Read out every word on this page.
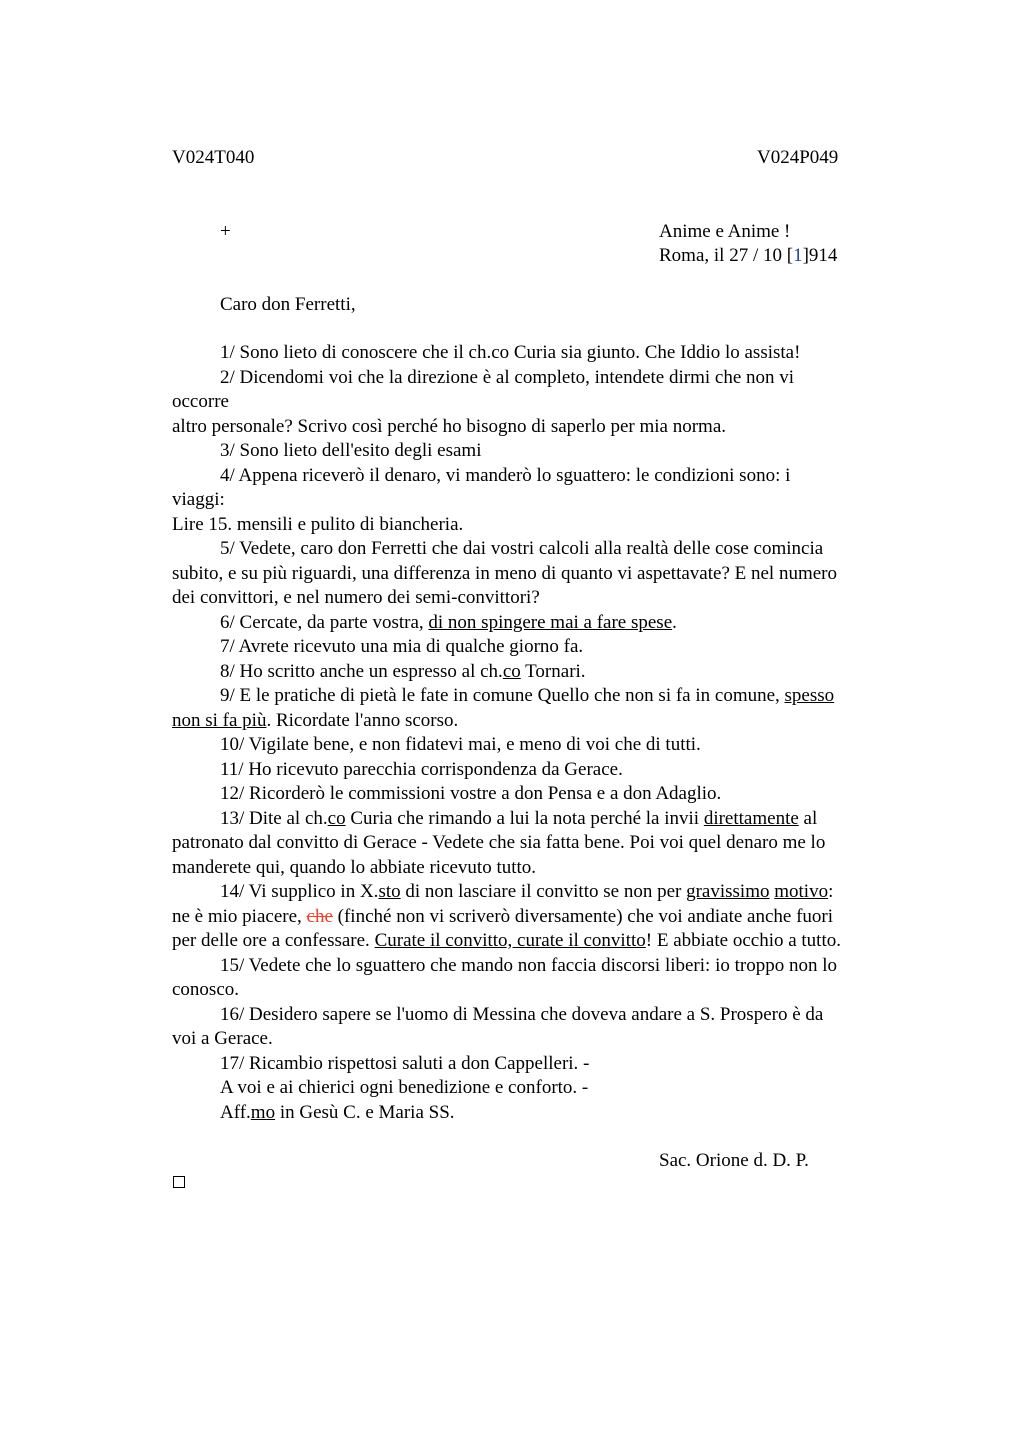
V024T040	V024P049
+	Anime e Anime !
Roma, il 27 / 10 [1]914
Caro don Ferretti,
1/ Sono lieto di conoscere che il ch.co Curia sia giunto. Che Iddio lo assista!
2/ Dicendomi voi che la direzione è al completo, intendete dirmi che non vi
occorre
altro personale? Scrivo così perché ho bisogno di saperlo per mia norma.
3/ Sono lieto dell'esito degli esami
4/ Appena riceverò il denaro, vi manderò lo sguattero: le condizioni sono: i
viaggi:
Lire 15. mensili e pulito di biancheria.
5/ Vedete, caro don Ferretti che dai vostri calcoli alla realtà delle cose comincia
subito, e su più riguardi, una differenza in meno di quanto vi aspettavate? E nel numero
dei convittori, e nel numero dei semi-convittori?
6/ Cercate, da parte vostra, di non spingere mai a fare spese.
7/ Avrete ricevuto una mia di qualche giorno fa.
8/ Ho scritto anche un espresso al ch.co Tornari.
9/ E le pratiche di pietà le fate in comune Quello che non si fa in comune, spesso
non si fa più. Ricordate l'anno scorso.
10/ Vigilate bene, e non fidatevi mai, e meno di voi che di tutti.
11/ Ho ricevuto parecchia corrispondenza da Gerace.
12/ Ricorderò le commissioni vostre a don Pensa e a don Adaglio.
13/ Dite al ch.co Curia che rimando a lui la nota perché la invii direttamente al
patronato dal convitto di Gerace - Vedete che sia fatta bene. Poi voi quel denaro me lo
manderete qui, quando lo abbiate ricevuto tutto.
14/ Vi supplico in X.sto di non lasciare il convitto se non per gravissimo motivo:
ne è mio piacere, che (finché non vi scriverò diversamente) che voi andiate anche fuori
per delle ore a confessare. Curate il convitto, curate il convitto! E abbiate occhio a tutto.
15/ Vedete che lo sguattero che mando non faccia discorsi liberi: io troppo non lo
conosco.
16/ Desidero sapere se l'uomo di Messina che doveva andare a S. Prospero è da
voi a Gerace.
17/ Ricambio rispettosi saluti a don Cappelleri. -
A voi e ai chierici ogni benedizione e conforto. -
Aff.mo in Gesù C. e Maria SS.
Sac. Orione d. D. P.
